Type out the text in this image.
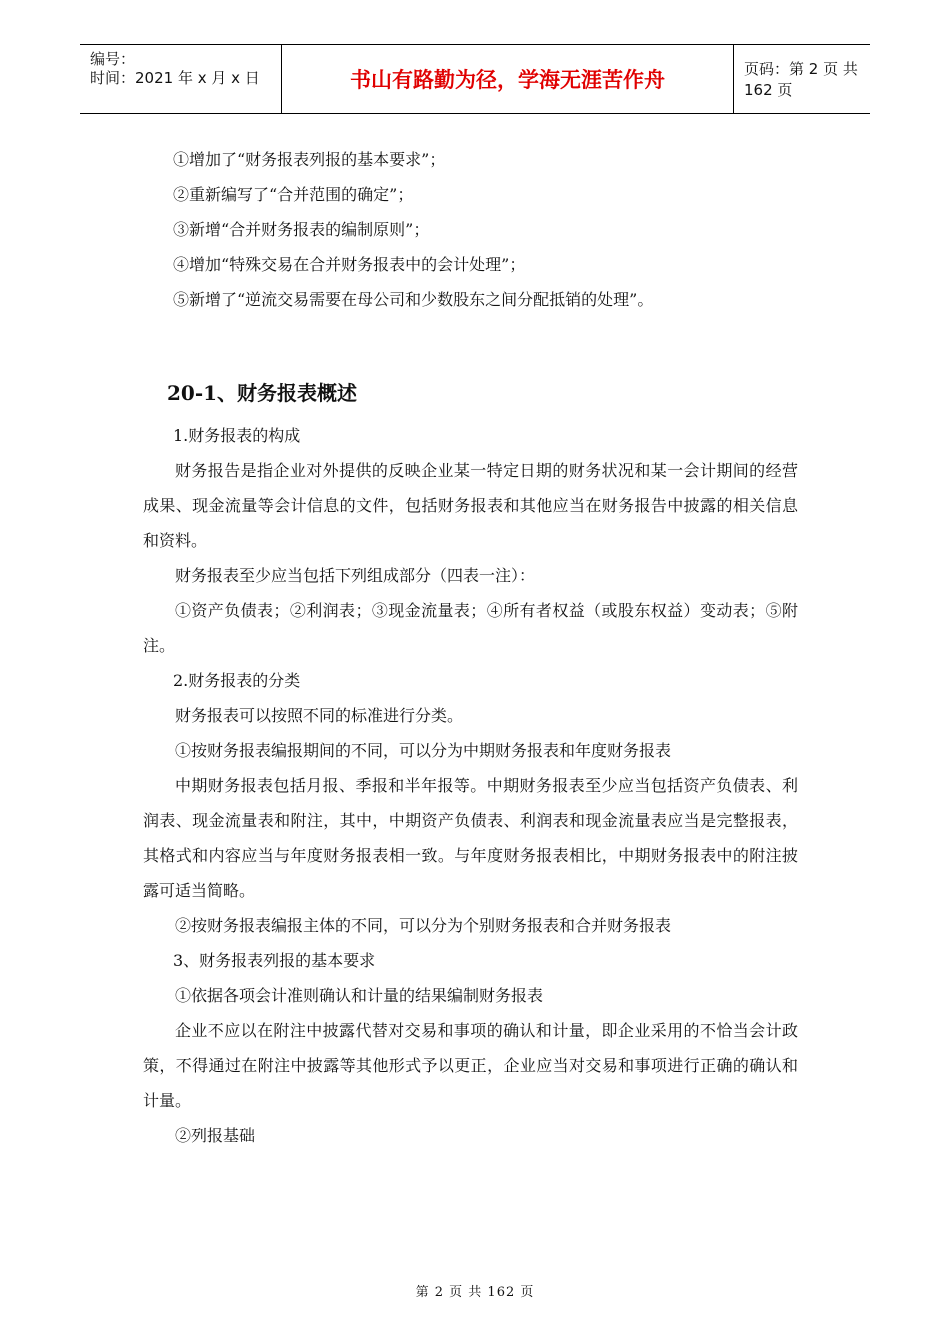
编号：
时间：2021 年 x 月 x 日	书山有路勤为径，学海无涯苦作舟	页码：第 2 页 共 162 页
①增加了“财务报表列报的基本要求”；
②重新编写了“合并范围的确定”；
③新增“合并财务报表的编制原则”；
④增加“特殊交易在合并财务报表中的会计处理”；
⑤新增了“逆流交易需要在母公司和少数股东之间分配抵销的处理”。
20-1、财务报表概述
1.财务报表的构成
财务报告是指企业对外提供的反映企业某一特定日期的财务状况和某一会计期间的经营成果、现金流量等会计信息的文件，包括财务报表和其他应当在财务报告中披露的相关信息和资料。
财务报表至少应当包括下列组成部分（四表一注）：
①资产负债表；②利润表；③现金流量表；④所有者权益（或股东权益）变动表；⑤附注。
2.财务报表的分类
财务报表可以按照不同的标准进行分类。
①按财务报表编报期间的不同，可以分为中期财务报表和年度财务报表
中期财务报表包括月报、季报和半年报等。中期财务报表至少应当包括资产负债表、利润表、现金流量表和附注，其中，中期资产负债表、利润表和现金流量表应当是完整报表，其格式和内容应当与年度财务报表相一致。与年度财务报表相比，中期财务报表中的附注披露可适当简略。
②按财务报表编报主体的不同，可以分为个别财务报表和合并财务报表
3、财务报表列报的基本要求
①依据各项会计准则确认和计量的结果编制财务报表
企业不应以在附注中披露代替对交易和事项的确认和计量，即企业采用的不恰当会计政策，不得通过在附注中披露等其他形式予以更正，企业应当对交易和事项进行正确的确认和计量。
②列报基础
第 2 页 共 162 页
